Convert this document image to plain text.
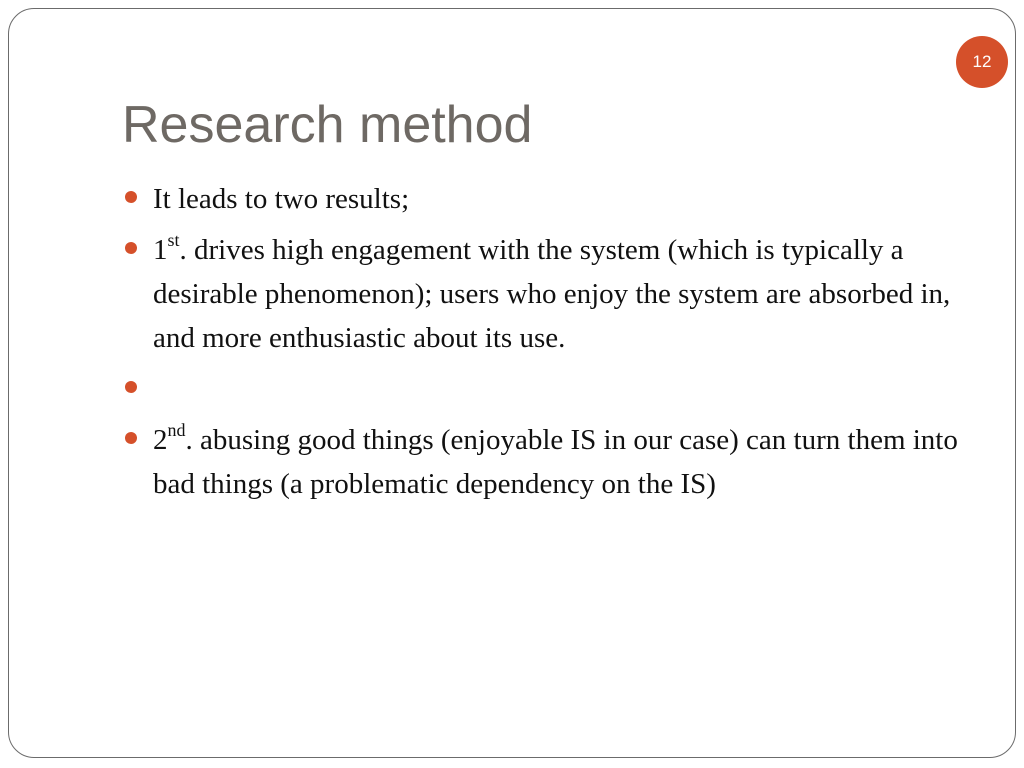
12
Research method
It leads to two results;
1st. drives high engagement with the system (which is typically a desirable phenomenon); users who enjoy the system are absorbed in, and more enthusiastic about its use.
2nd. abusing good things (enjoyable IS in our case) can turn them into bad things (a problematic dependency on the IS)
